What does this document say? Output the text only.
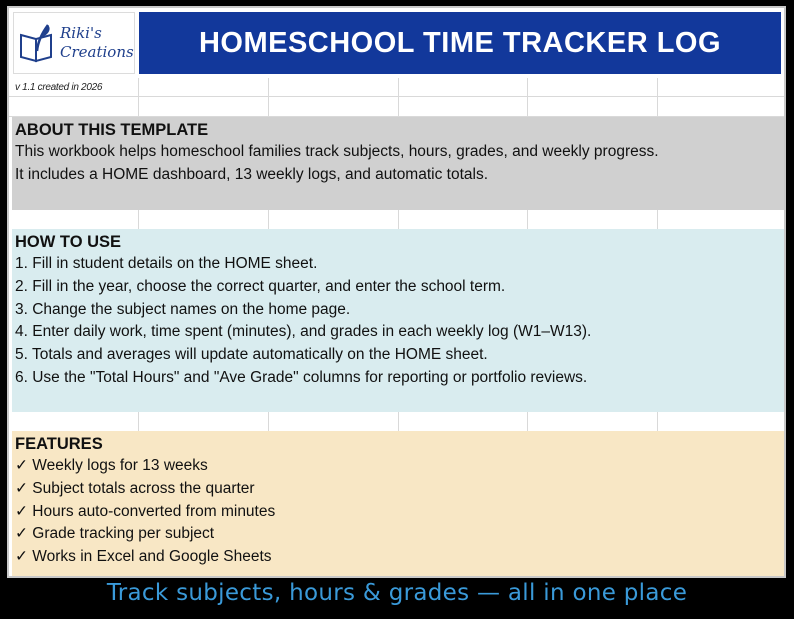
Riki's
Creations HOMESCHOOL TIME TRACKER LOG
v 1.1 created in 2026
ABOUT THIS TEMPLATE
This workbook helps homeschool families track subjects, hours, grades, and weekly progress.
It includes a HOME dashboard, 13 weekly logs, and automatic totals.
HOW TO USE
1. Fill in student details on the HOME sheet.
2. Fill in the year, choose the correct quarter, and enter the school term.
3. Change the subject names on the home page.
4. Enter daily work, time spent (minutes), and grades in each weekly log (W1–W13).
5. Totals and averages will update automatically on the HOME sheet.
6. Use the "Total Hours" and "Ave Grade" columns for reporting or portfolio reviews.
FEATURES
✓ Weekly logs for 13 weeks
✓ Subject totals across the quarter
✓ Hours auto-converted from minutes
✓ Grade tracking per subject
✓ Works in Excel and Google Sheets
Track subjects, hours & grades — all in one place
